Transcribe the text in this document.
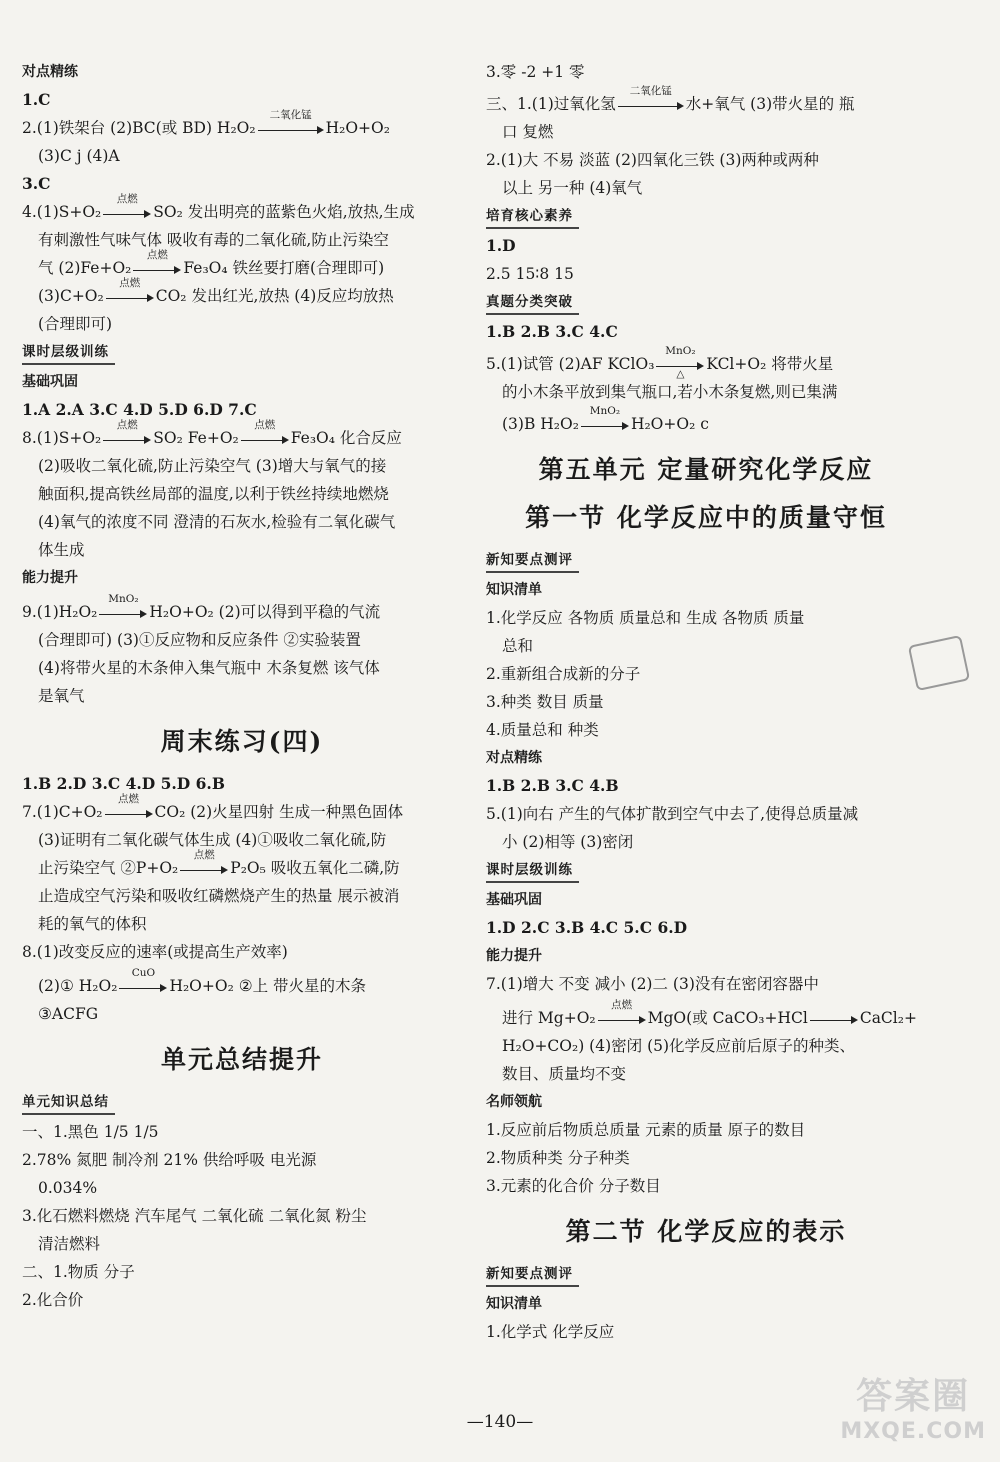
对点精练
1.C
2.(1)铁架台 (2)BC(或 BD) H₂O₂
二氧化锰
H₂O+O₂
(3)C j (4)A
3.C
4.(1)S+O₂
点燃
SO₂ 发出明亮的蓝紫色火焰,放热,生成
有刺激性气味气体 吸收有毒的二氧化硫,防止污染空
气 (2)Fe+O₂
点燃
Fe₃O₄ 铁丝要打磨(合理即可)
(3)C+O₂
点燃
CO₂ 发出红光,放热 (4)反应均放热
(合理即可)
课时层级训练
基础巩固
1.A 2.A 3.C 4.D 5.D 6.D 7.C
8.(1)S+O₂
点燃
SO₂ Fe+O₂
点燃
Fe₃O₄ 化合反应
(2)吸收二氧化硫,防止污染空气 (3)增大与氧气的接
触面积,提高铁丝局部的温度,以利于铁丝持续地燃烧
(4)氧气的浓度不同 澄清的石灰水,检验有二氧化碳气
体生成
能力提升
9.(1)H₂O₂
MnO₂
H₂O+O₂ (2)可以得到平稳的气流
(合理即可) (3)①反应物和反应条件 ②实验装置
(4)将带火星的木条伸入集气瓶中 木条复燃 该气体
是氧气
周末练习(四)
1.B 2.D 3.C 4.D 5.D 6.B
7.(1)C+O₂
点燃
CO₂ (2)火星四射 生成一种黑色固体
(3)证明有二氧化碳气体生成 (4)①吸收二氧化硫,防
止污染空气 ②P+O₂
点燃
P₂O₅ 吸收五氧化二磷,防
止造成空气污染和吸收红磷燃烧产生的热量 展示被消
耗的氧气的体积
8.(1)改变反应的速率(或提高生产效率)
(2)① H₂O₂
CuO
H₂O+O₂ ②上 带火星的木条
③ACFG
单元总结提升
单元知识总结
一、1.黑色 1/5 1/5
2.78% 氮肥 制冷剂 21% 供给呼吸 电光源
0.034%
3.化石燃料燃烧 汽车尾气 二氧化硫 二氧化氮 粉尘
清洁燃料
二、1.物质 分子
2.化合价
3.零 -2 +1 零
三、1.(1)过氧化氢
二氧化锰
水+氧气 (3)带火星的 瓶
口 复燃
2.(1)大 不易 淡蓝 (2)四氧化三铁 (3)两种或两种
以上 另一种 (4)氧气
培育核心素养
1.D
2.5 15∶8 15
真题分类突破
1.B 2.B 3.C 4.C
5.(1)试管 (2)AF KClO₃
MnO₂
△
KCl+O₂ 将带火星
的小木条平放到集气瓶口,若小木条复燃,则已集满
(3)B H₂O₂
MnO₂
H₂O+O₂ c
第五单元 定量研究化学反应
第一节 化学反应中的质量守恒
新知要点测评
知识清单
1.化学反应 各物质 质量总和 生成 各物质 质量
总和
2.重新组合成新的分子
3.种类 数目 质量
4.质量总和 种类
对点精练
1.B 2.B 3.C 4.B
5.(1)向右 产生的气体扩散到空气中去了,使得总质量减
小 (2)相等 (3)密闭
课时层级训练
基础巩固
1.D 2.C 3.B 4.C 5.C 6.D
能力提升
7.(1)增大 不变 减小 (2)二 (3)没有在密闭容器中
进行 Mg+O₂
点燃
MgO(或 CaCO₃+HCl	CaCl₂+
H₂O+CO₂) (4)密闭 (5)化学反应前后原子的种类、
数目、质量均不变
名师领航
1.反应前后物质总质量 元素的质量 原子的数目
2.物质种类 分子种类
3.元素的化合价 分子数目
第二节 化学反应的表示
新知要点测评
知识清单
1.化学式 化学反应
—140—
答案圈
MXQE.COM
